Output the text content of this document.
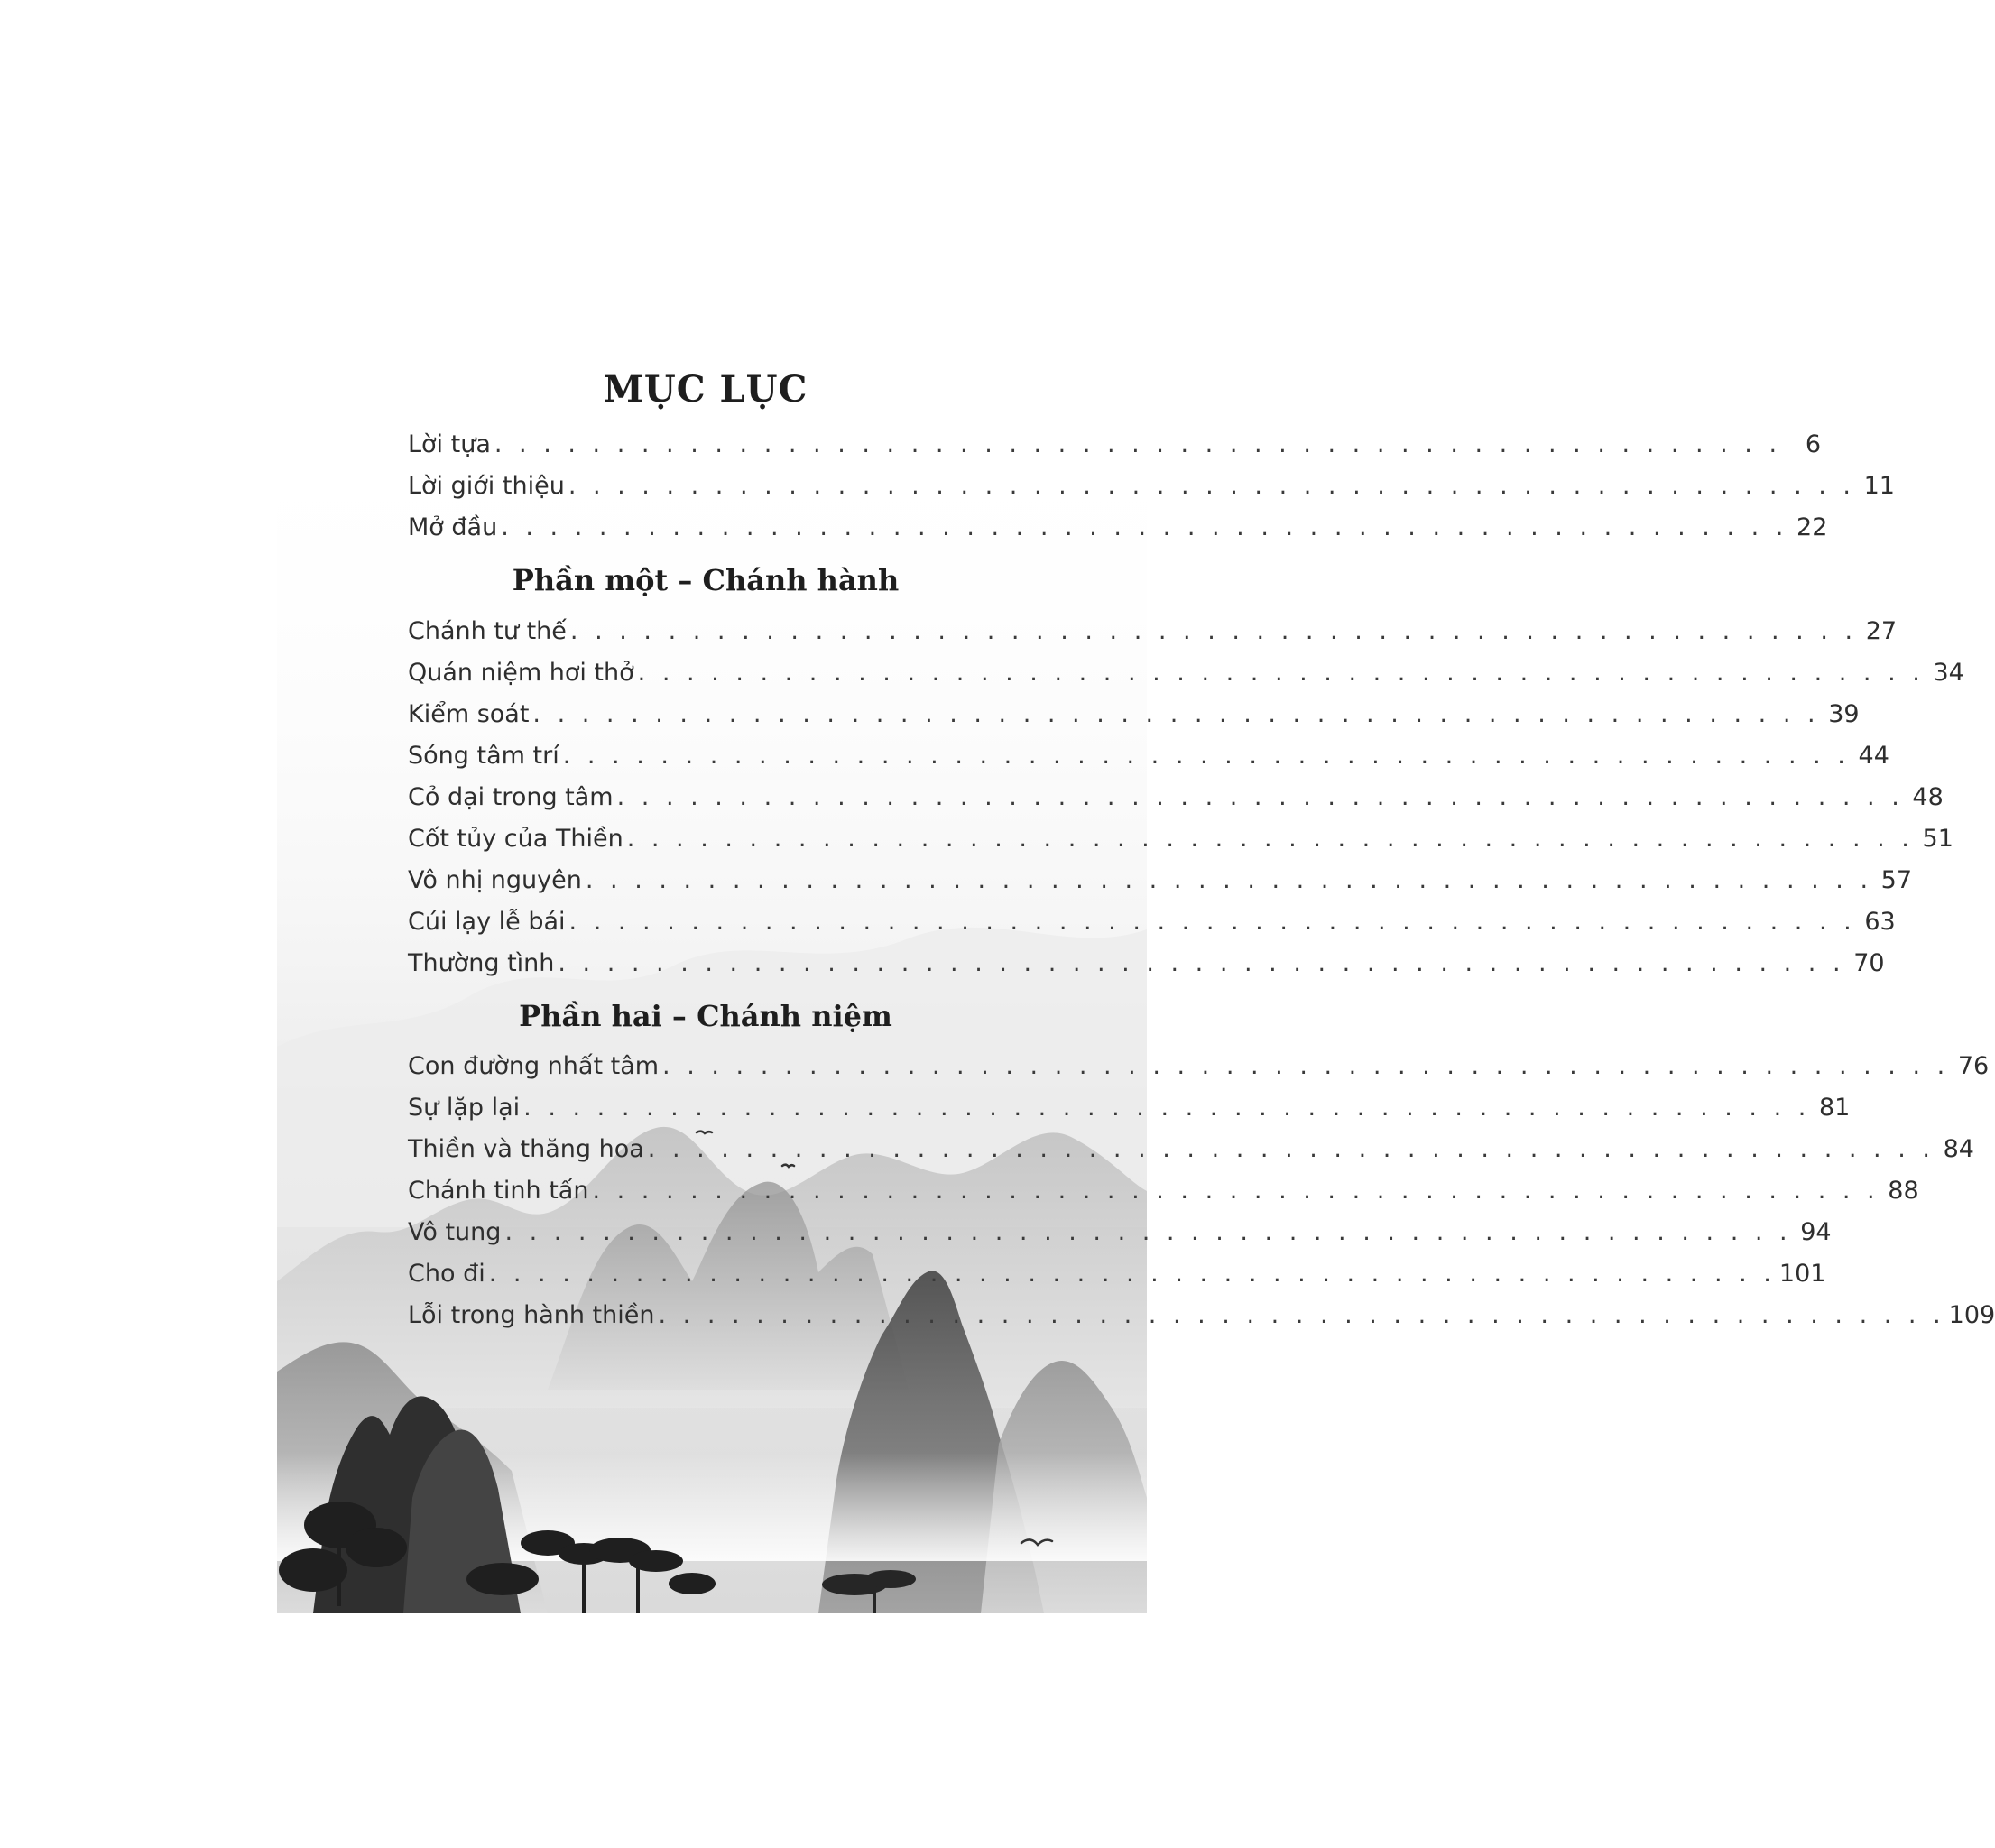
MỤC LỤC
Lời tựa . . . . . . . . . . . . . . . . . . . . . . . . . . . . . . . . . . . . . . . . . . . . . . . . . . . . . 6
Lời giới thiệu . . . . . . . . . . . . . . . . . . . . . . . . . . . . . . . . . . . . . . . . . . . . . . . . . . . . . 11
Mở đầu . . . . . . . . . . . . . . . . . . . . . . . . . . . . . . . . . . . . . . . . . . . . . . . . . . . . . 22
Phần một – Chánh hành
Chánh tư thế . . . . . . . . . . . . . . . . . . . . . . . . . . . . . . . . . . . . . . . . . . . . . . . . . . . . . 27
Quán niệm hơi thở . . . . . . . . . . . . . . . . . . . . . . . . . . . . . . . . . . . . . . . . . . . . . . . . . . . . . 34
Kiểm soát . . . . . . . . . . . . . . . . . . . . . . . . . . . . . . . . . . . . . . . . . . . . . . . . . . . . . 39
Sóng tâm trí . . . . . . . . . . . . . . . . . . . . . . . . . . . . . . . . . . . . . . . . . . . . . . . . . . . . . 44
Cỏ dại trong tâm . . . . . . . . . . . . . . . . . . . . . . . . . . . . . . . . . . . . . . . . . . . . . . . . . . . . . 48
Cốt tủy của Thiền . . . . . . . . . . . . . . . . . . . . . . . . . . . . . . . . . . . . . . . . . . . . . . . . . . . . . 51
Vô nhị nguyên . . . . . . . . . . . . . . . . . . . . . . . . . . . . . . . . . . . . . . . . . . . . . . . . . . . . . 57
Cúi lạy lễ bái . . . . . . . . . . . . . . . . . . . . . . . . . . . . . . . . . . . . . . . . . . . . . . . . . . . . . 63
Thường tình . . . . . . . . . . . . . . . . . . . . . . . . . . . . . . . . . . . . . . . . . . . . . . . . . . . . . 70
Phần hai – Chánh niệm
Con đường nhất tâm . . . . . . . . . . . . . . . . . . . . . . . . . . . . . . . . . . . . . . . . . . . . . . . . . . . . . 76
Sự lặp lại . . . . . . . . . . . . . . . . . . . . . . . . . . . . . . . . . . . . . . . . . . . . . . . . . . . . . 81
Thiền và thăng hoa . . . . . . . . . . . . . . . . . . . . . . . . . . . . . . . . . . . . . . . . . . . . . . . . . . . . . 84
Chánh tinh tấn . . . . . . . . . . . . . . . . . . . . . . . . . . . . . . . . . . . . . . . . . . . . . . . . . . . . . 88
Vô tung . . . . . . . . . . . . . . . . . . . . . . . . . . . . . . . . . . . . . . . . . . . . . . . . . . . . . 94
Cho đi . . . . . . . . . . . . . . . . . . . . . . . . . . . . . . . . . . . . . . . . . . . . . . . . . . . . . 101
Lỗi trong hành thiền . . . . . . . . . . . . . . . . . . . . . . . . . . . . . . . . . . . . . . . . . . . . . . . . . . . . . 109
